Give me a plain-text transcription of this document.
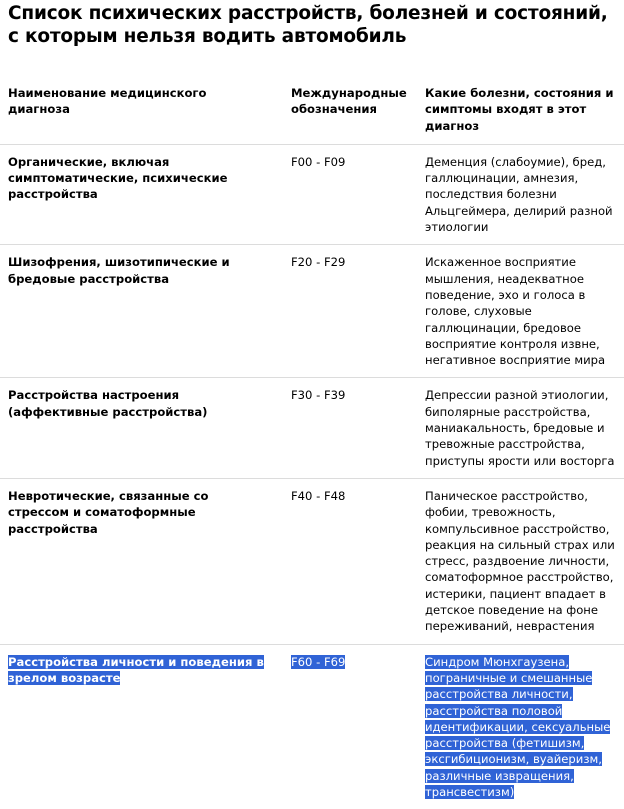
Список психических расстройств, болезней и состояний, с которым нельзя водить автомобиль
Наименование медицинского диагноза	Международные обозначения	Какие болезни, состояния и симптомы входят в этот диагноз
Органические, включая симптоматические, психические расстройства	F00 - F09	Деменция (слабоумие), бред, галлюцинации, амнезия, последствия болезни Альцгеймера, делирий разной этиологии
Шизофрения, шизотипические и бредовые расстройства	F20 - F29	Искаженное восприятие мышления, неадекватное поведение, эхо и голоса в голове, слуховые галлюцинации, бредовое восприятие контроля извне, негативное восприятие мира
Расстройства настроения (аффективные расстройства)	F30 - F39	Депрессии разной этиологии, биполярные расстройства, маниакальность, бредовые и тревожные расстройства, приступы ярости или восторга
Невротические, связанные со стрессом и соматоформные расстройства	F40 - F48	Паническое расстройство, фобии, тревожность, компульсивное расстройство, реакция на сильный страх или стресс, раздвоение личности, соматоформное расстройство, истерики, пациент впадает в детское поведение на фоне переживаний, неврастения
Расстройства личности и поведения в зрелом возрасте	F60 - F69	Синдром Мюнхгаузена, пограничные и смешанные расстройства личности, расстройства половой идентификации, сексуальные расстройства (фетишизм, эксгибиционизм, вуайеризм, различные извращения, трансвестизм)
